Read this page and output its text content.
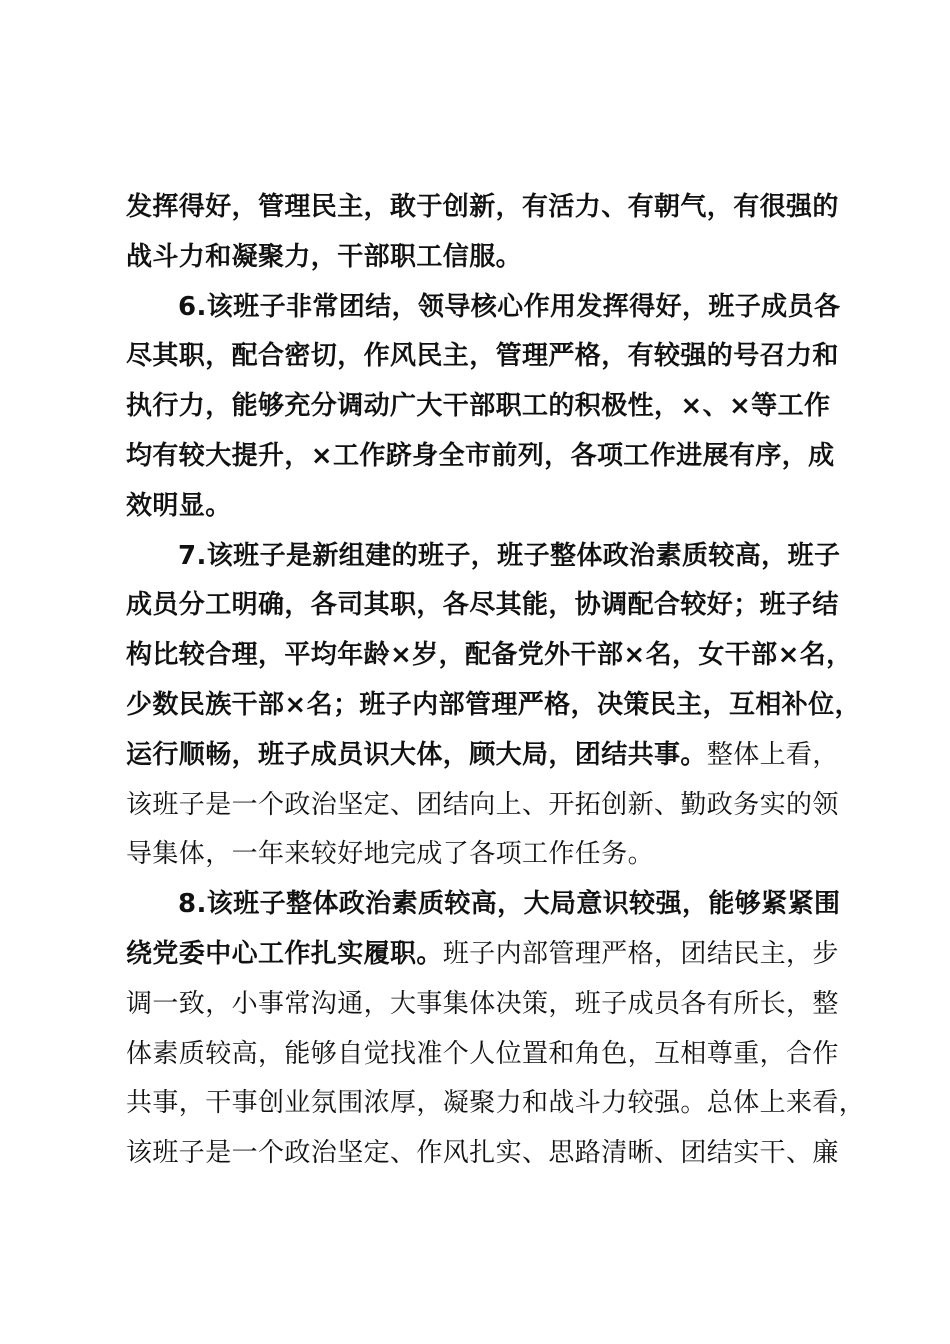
发挥得好，管理民主，敢于创新，有活力、有朝气，有很强的
战斗力和凝聚力，干部职工信服。
6.该班子非常团结，领导核心作用发挥得好，班子成员各
尽其职，配合密切，作风民主，管理严格，有较强的号召力和
执行力，能够充分调动广大干部职工的积极性，×、×等工作
均有较大提升，×工作跻身全市前列，各项工作进展有序，成
效明显。
7.该班子是新组建的班子，班子整体政治素质较高，班子
成员分工明确，各司其职，各尽其能，协调配合较好；班子结
构比较合理，平均年龄×岁，配备党外干部×名，女干部×名，
少数民族干部×名；班子内部管理严格，决策民主，互相补位，
运行顺畅，班子成员识大体，顾大局，团结共事。整体上看，
该班子是一个政治坚定、团结向上、开拓创新、勤政务实的领
导集体，一年来较好地完成了各项工作任务。
8.该班子整体政治素质较高，大局意识较强，能够紧紧围
绕党委中心工作扎实履职。班子内部管理严格，团结民主，步
调一致，小事常沟通，大事集体决策，班子成员各有所长，整
体素质较高，能够自觉找准个人位置和角色，互相尊重，合作
共事，干事创业氛围浓厚，凝聚力和战斗力较强。总体上来看，
该班子是一个政治坚定、作风扎实、思路清晰、团结实干、廉
